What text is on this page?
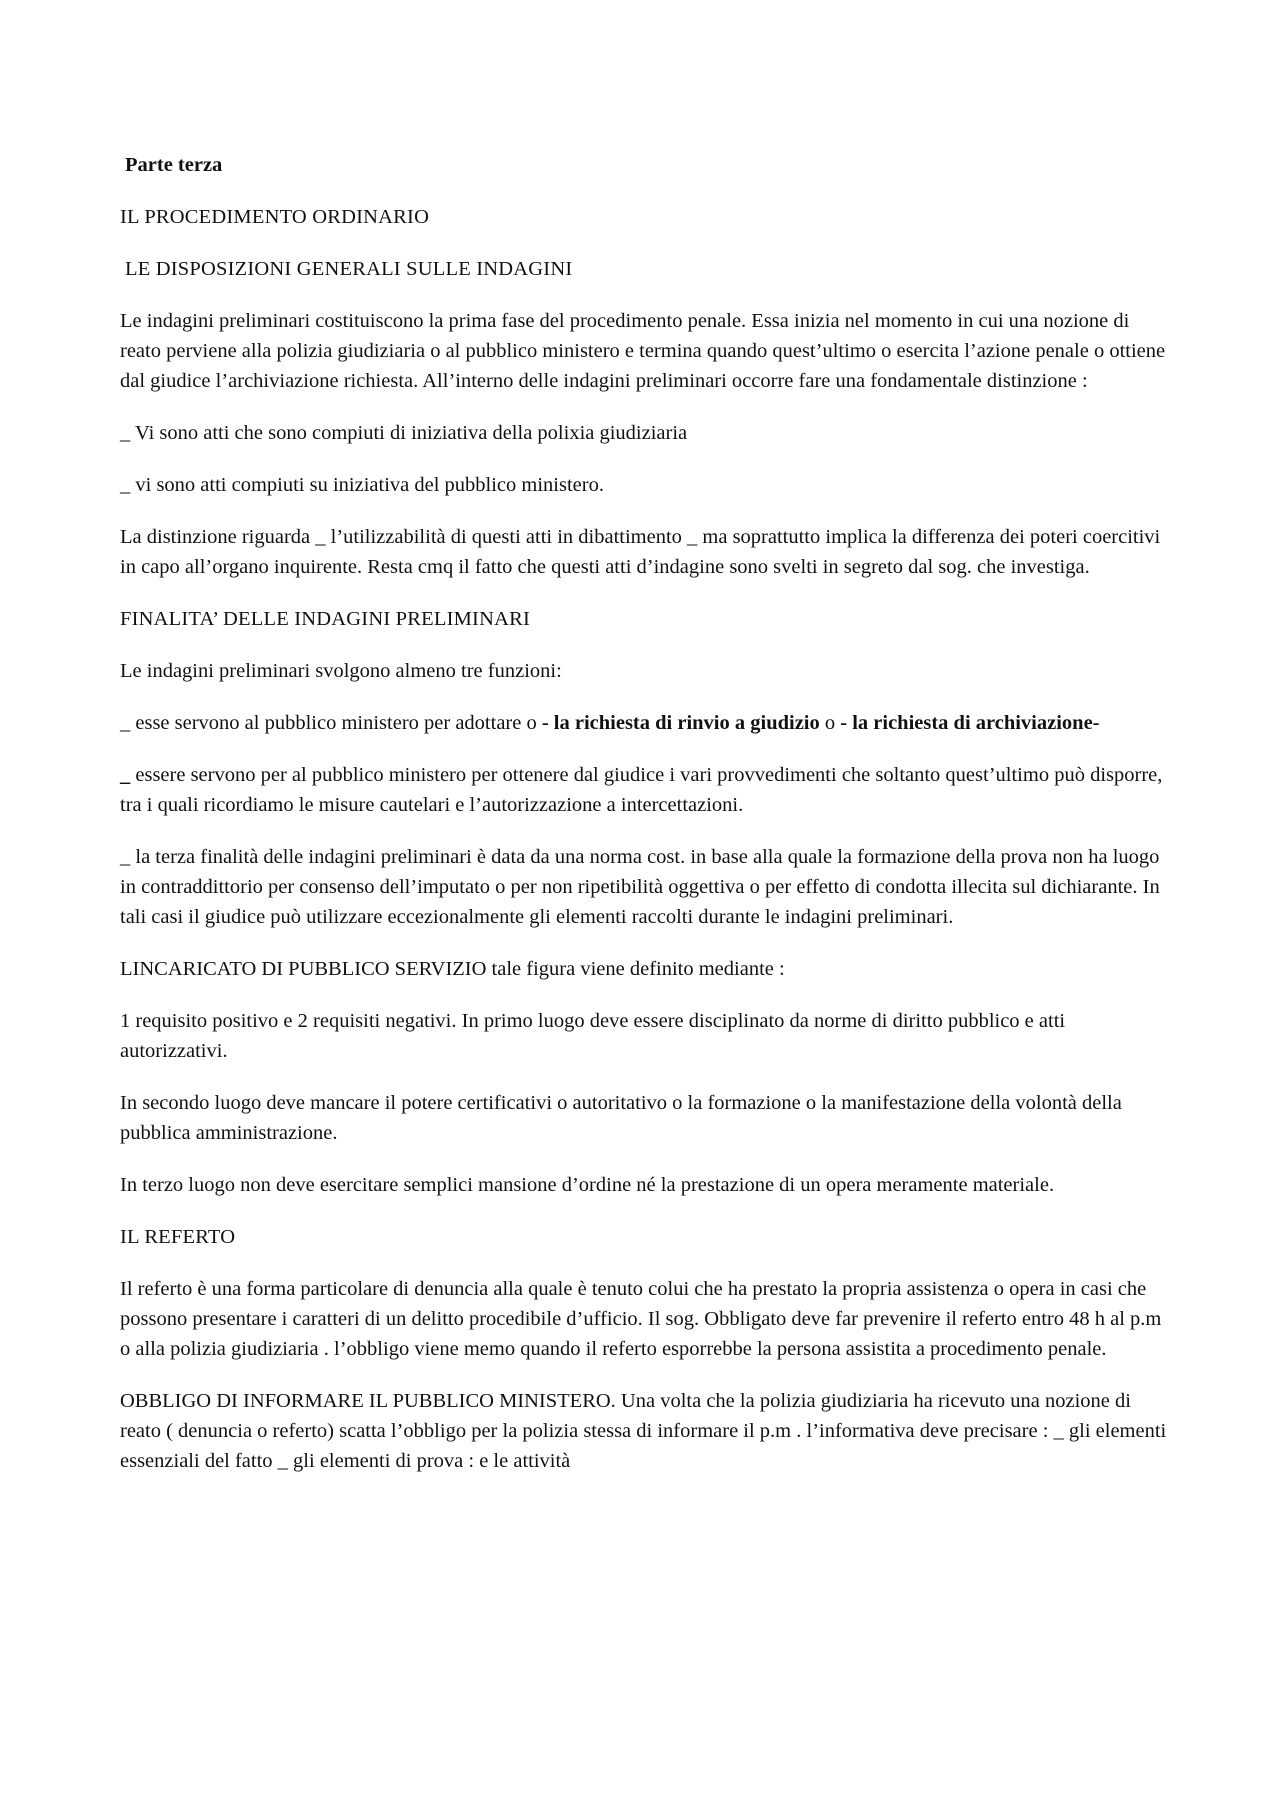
Parte terza

IL PROCEDIMENTO ORDINARIO

LE DISPOSIZIONI GENERALI SULLE INDAGINI

Le indagini preliminari costituiscono la prima fase del procedimento penale. Essa inizia nel momento in cui una nozione di reato perviene alla polizia giudiziaria o al pubblico ministero e termina quando quest’ultimo o esercita l’azione penale o ottiene dal giudice l’archiviazione richiesta. All’interno delle indagini preliminari occorre fare una fondamentale distinzione :

_ Vi sono atti che sono compiuti di iniziativa della polixia giudiziaria

_ vi sono atti compiuti su iniziativa del pubblico ministero.

La distinzione riguarda _ l’utilizzabilità di questi atti in dibattimento _ ma soprattutto implica la differenza dei poteri coercitivi in capo all’organo inquirente. Resta cmq il fatto che questi atti d’indagine sono svelti in segreto dal sog. che investiga.

FINALITA’ DELLE INDAGINI PRELIMINARI

Le indagini preliminari svolgono almeno tre funzioni:

_ esse servono al pubblico ministero per adottare o - la richiesta di rinvio a giudizio o - la richiesta di archiviazione-

_ essere servono per al pubblico ministero per ottenere dal giudice i vari provvedimenti che soltanto quest’ultimo può disporre, tra i quali ricordiamo le misure cautelari e l’autorizzazione a intercettazioni.

_ la terza finalità delle indagini preliminari è data da una norma cost. in base alla quale la formazione della prova non ha luogo in contraddittorio per consenso dell’imputato o per non ripetibilità oggettiva o per effetto di condotta illecita sul dichiarante. In tali casi il giudice può utilizzare eccezionalmente gli elementi raccolti durante le indagini preliminari.

LINCARICATO DI PUBBLICO SERVIZIO tale figura viene definito mediante :

1 requisito positivo e 2 requisiti negativi. In primo luogo deve essere disciplinato da norme di diritto pubblico e atti autorizzativi.

In secondo luogo deve mancare il potere certificativi o autoritativo o la formazione o la manifestazione della volontà della pubblica amministrazione.

In terzo luogo non deve esercitare semplici mansione d’ordine né la prestazione di un opera meramente materiale.

IL REFERTO

Il referto è una forma particolare di denuncia alla quale è tenuto colui che ha prestato la propria assistenza o opera in casi che possono presentare i caratteri di un delitto procedibile d’ufficio. Il sog. Obbligato deve far prevenire il referto entro 48 h al p.m o alla polizia giudiziaria . l’obbligo viene memo quando il referto esporrebbe la persona assistita a procedimento penale.

OBBLIGO DI INFORMARE IL PUBBLICO MINISTERO. Una volta che la polizia giudiziaria ha ricevuto una nozione di reato ( denuncia o referto) scatta l’obbligo per la polizia stessa di informare il p.m . l’informativa deve precisare : _ gli elementi essenziali del fatto _ gli elementi di prova : e le attività
